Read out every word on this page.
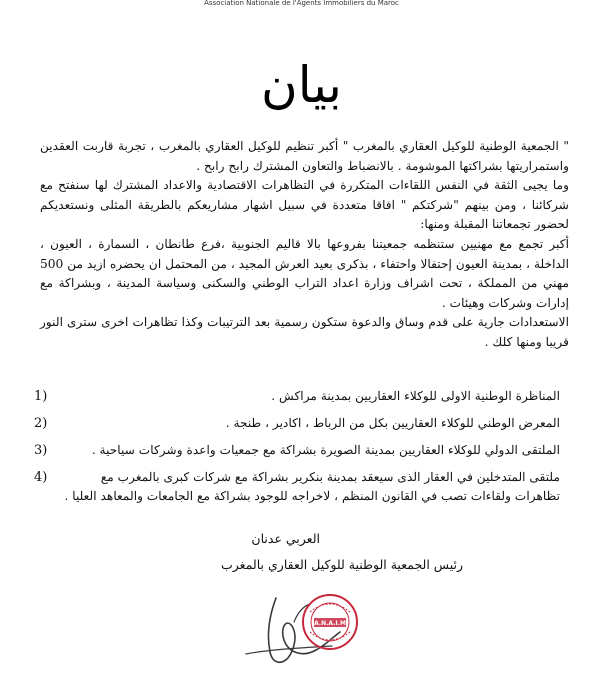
Association Nationale de l'Agents Immobiliers du Maroc
بيان

" الجمعية الوطنية للوكيل العقاري بالمغرب " أكبر تنظيم للوكيل العقاري بالمغرب ، تجربة قاربت العقدين واستمراريتها بشراكتها الموشومة . بالانضباط والتعاون المشترك رابح رابح .

وما يجيى الثقة في النفس اللقاءات المتكررة في التظاهرات الاقتصادية والاعداد المشترك لها سنفتح مع شركائنا ، ومن بينهم "شركتكم " افاقا متعددة في سبيل اشهار مشاريعكم بالطريقة المثلى ونستعديكم لحضور تجمعاتنا المقبلة ومنها:

أكبر تجمع مع مهنيين ستنظمه جمعيتنا بفروعها بالا قاليم الجنوبية ،فرع طانطان ، السمارة ، العيون ، الداخلة ، بمدينة العيون إحتفالا واحتفاء ، بذكرى بعيد العرش المجيد ، من المحتمل ان يحضره ازيد من 500 مهني من المملكة ، تحت اشراف وزارة اعداد التراب الوطني والسكنى وسياسة المدينة ، وبشراكة مع إدارات وشركات وهيئات .

الاستعدادات جارية على قدم وساق والدعوة ستكون رسمية بعد الترتيبات وكذا تظاهرات اخرى سترى النور قريبا ومنها كلك .

1)	المناظرة الوطنية الاولى للوكلاء العقاريين بمدينة مراكش .
2)	المعرض الوطني للوكلاء العقاريين بكل من الرباط ، اكادير ، طنجة .
3)	الملتقى الدولي للوكلاء العقاريين بمدينة الصويرة بشراكة مع جمعيات واعدة وشركات سياحية .
4)	ملتقى المتدخلين في العقار الذى سيعقد بمدينة بنكرير بشراكة مع شركات كبرى بالمغرب مع تظاهرات ولقاءات تصب في القانون المنظم ، لاخراجه للوجود بشراكة مع الجامعات والمعاهد العليا .
العربي عدنان
رئيس الجمعية الوطنية للوكيل العقاري بالمغرب
A.N.A.I.M
